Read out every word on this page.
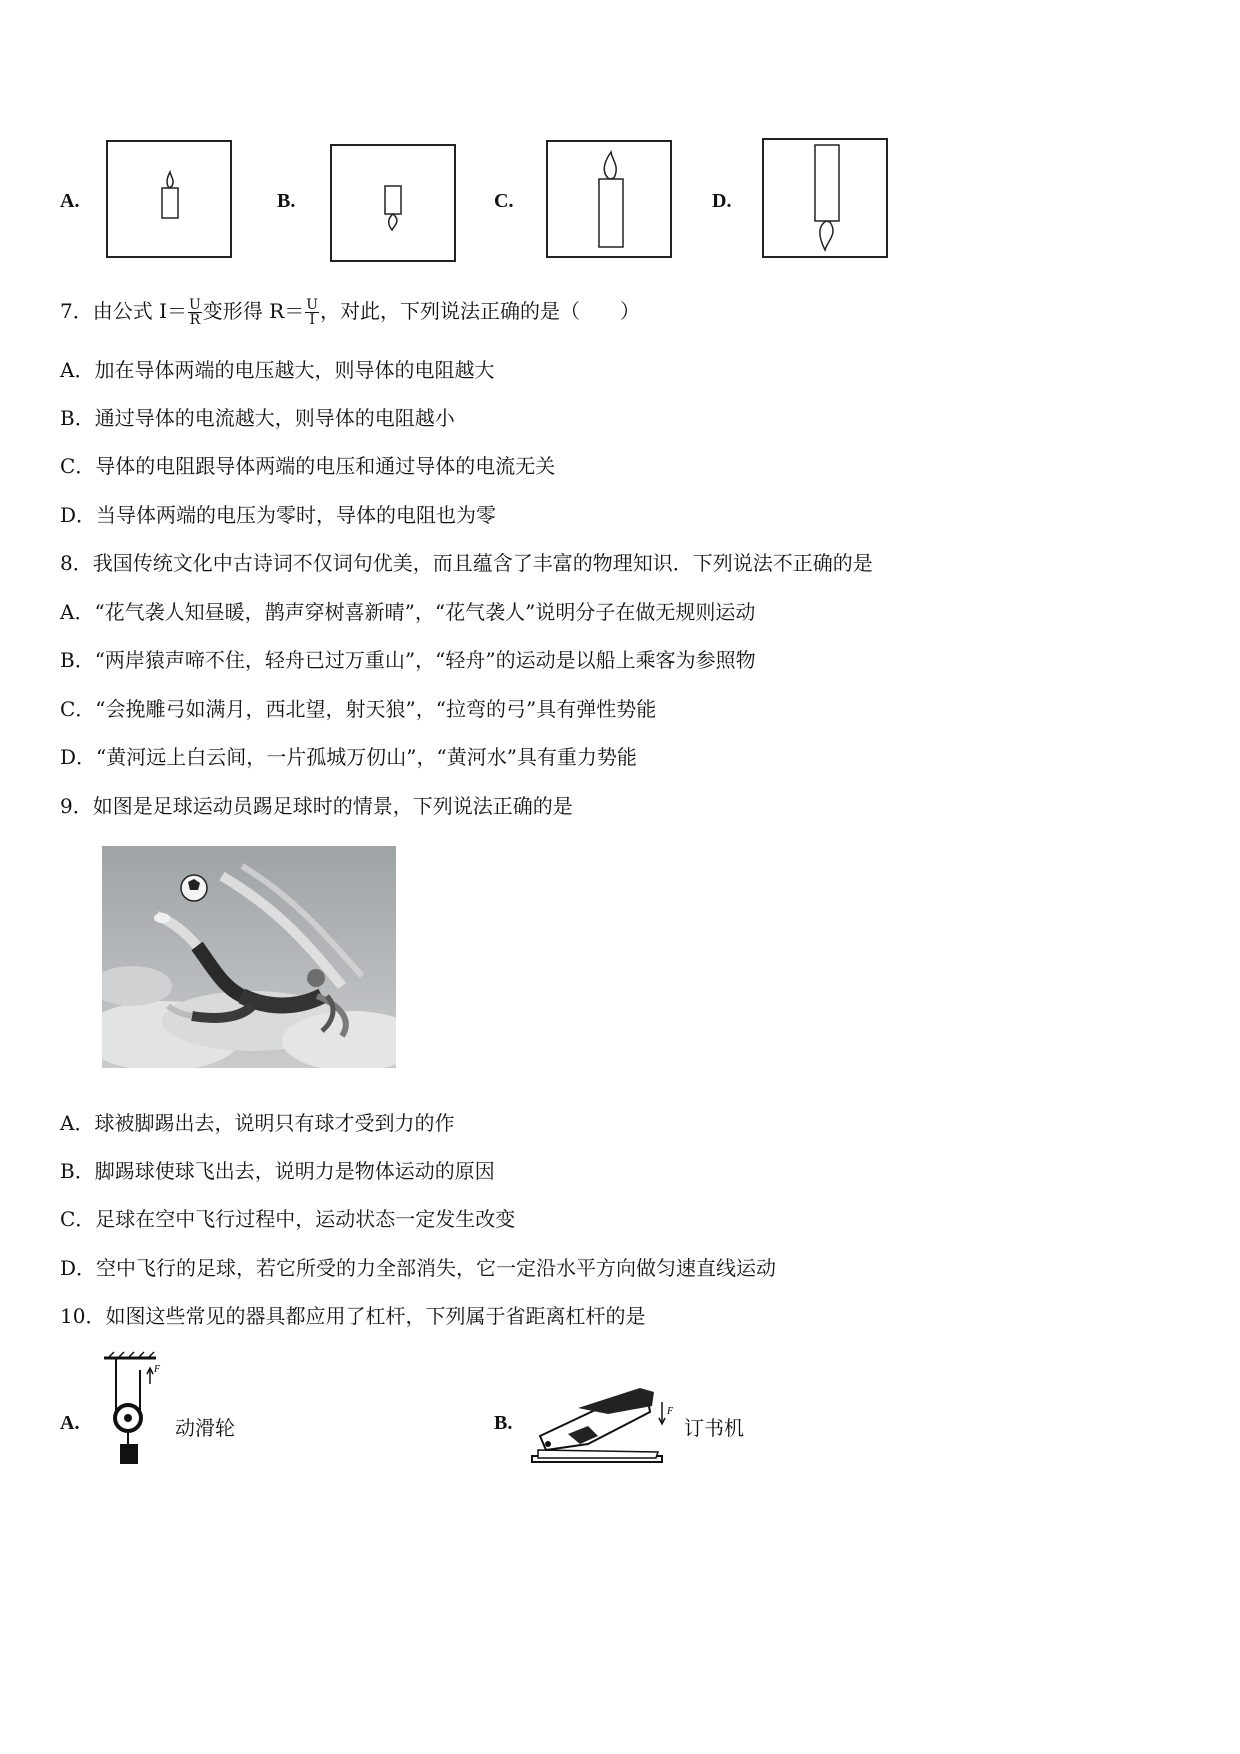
A.	B.	C.	D.
7．由公式 $I= \frac{U}{R}$ 变形得 $R= \frac{U}{I}$ ，对此，下列说法正确的是（　　）
A．加在导体两端的电压越大，则导体的电阻越大
B．通过导体的电流越大，则导体的电阻越小
C．导体的电阻跟导体两端的电压和通过导体的电流无关
D．当导体两端的电压为零时，导体的电阻也为零
8．我国传统文化中古诗词不仅词句优美，而且蕴含了丰富的物理知识．下列说法不正确的是
A．“花气袭人知昼暖，鹊声穿树喜新晴”，“花气袭人”说明分子在做无规则运动
B．“两岸猿声啼不住，轻舟已过万重山”，“轻舟”的运动是以船上乘客为参照物
C．“会挽雕弓如满月，西北望，射天狼”，“拉弯的弓”具有弹性势能
D．“黄河远上白云间，一片孤城万仞山”，“黄河水”具有重力势能
9．如图是足球运动员踢足球时的情景，下列说法正确的是
A．球被脚踢出去，说明只有球才受到力的作
B．脚踢球使球飞出去，说明力是物体运动的原因
C．足球在空中飞行过程中，运动状态一定发生改变
D．空中飞行的足球，若它所受的力全部消失，它一定沿水平方向做匀速直线运动
10．如图这些常见的器具都应用了杠杆，下列属于省距离杠杆的是
A.
F
动滑轮	B.
F
订书机
